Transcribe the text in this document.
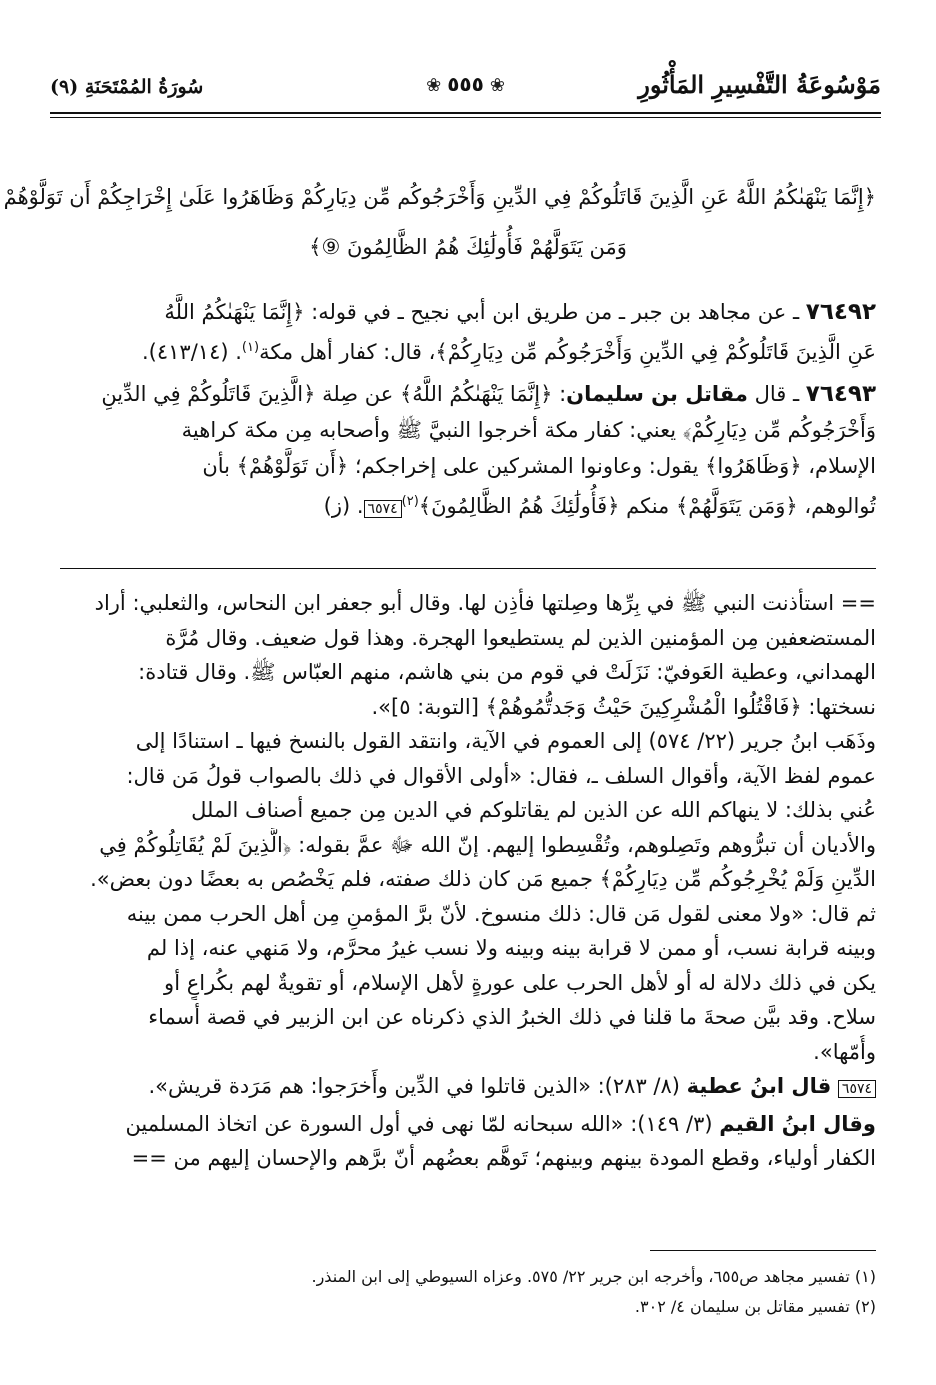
مَوْسُوعَةُ التَّفْسِيرِ المَأْثُورِ
❀٥٥٥❀
سُورَةُ المُمْتَحَنَةِ (٩)
﴿إِنَّمَا يَنْهَىٰكُمُ اللَّهُ عَنِ الَّذِينَ قَاتَلُوكُمْ فِي الدِّينِ وَأَخْرَجُوكُم مِّن دِيَارِكُمْ وَظَاهَرُوا عَلَىٰ إِخْرَاجِكُمْ أَن تَوَلَّوْهُمْ
وَمَن يَتَوَلَّهُمْ فَأُولَٰئِكَ هُمُ الظَّالِمُونَ ⑨﴾
٧٦٤٩٢ ـ عن مجاهد بن جبر ـ من طريق ابن أبي نجيح ـ في قوله: ﴿إِنَّمَا يَنْهَىٰكُمُ اللَّهُ
عَنِ الَّذِينَ قَاتَلُوكُمْ فِي الدِّينِ وَأَخْرَجُوكُم مِّن دِيَارِكُمْ﴾، قال: كفار أهل مكة$^{(١)}$. (٤١٣/١٤).
٧٦٤٩٣ ـ قال مقاتل بن سليمان: ﴿إِنَّمَا يَنْهَىٰكُمُ اللَّهُ﴾ عن صِلة ﴿الَّذِينَ قَاتَلُوكُمْ فِي الدِّينِ
وَأَخْرَجُوكُم مِّن دِيَارِكُمْ﴾ يعني: كفار مكة أخرجوا النبيَّ ﷺ وأصحابه مِن مكة كراهية
الإسلام، ﴿وَظَاهَرُوا﴾ يقول: وعاونوا المشركين على إخراجكم؛ ﴿أَن تَوَلَّوْهُمْ﴾ بأن
تُوالوهم، ﴿وَمَن يَتَوَلَّهُمْ﴾ منكم ﴿فَأُولَٰئِكَ هُمُ الظَّالِمُونَ﴾$^{(٢)}$٦٥٧٤. (ز)
== استأذنت النبي ﷺ في بِرِّها وصِلتها فأذِن لها. وقال أبو جعفر ابن النحاس، والثعلبي: أراد
المستضعفين مِن المؤمنين الذين لم يستطيعوا الهجرة. وهذا قول ضعيف. وقال مُرَّة
الهمداني، وعطية العَوفيّ: نَزَلَتْ في قوم من بني هاشم، منهم العبّاس ﷺ. وقال قتادة:
نسختها: ﴿فَاقْتُلُوا الْمُشْرِكِينَ حَيْثُ وَجَدتُّمُوهُمْ﴾ [التوبة: ٥]».
وذَهَب ابنُ جرير (٢٢/ ٥٧٤) إلى العموم في الآية، وانتقد القول بالنسخ فيها ـ استنادًا إلى
عموم لفظ الآية، وأقوال السلف ـ، فقال: «أولى الأقوال في ذلك بالصواب قولُ مَن قال:
عُني بذلك: لا ينهاكم الله عن الذين لم يقاتلوكم في الدين مِن جميع أصناف الملل
والأديان أن تبرُّوهم وتَصِلوهم، وتُقْسِطوا إليهم. إنّ الله ﷻ عمَّ بقوله: ﴿الَّذِينَ لَمْ يُقَاتِلُوكُمْ فِي
الدِّينِ وَلَمْ يُخْرِجُوكُم مِّن دِيَارِكُمْ﴾ جميع مَن كان ذلك صفته، فلم يَخْصُص به بعضًا دون بعض».
ثم قال: «ولا معنى لقول مَن قال: ذلك منسوخ. لأنّ برَّ المؤمنِ مِن أهل الحرب ممن بينه
وبينه قرابة نسب، أو ممن لا قرابة بينه وبينه ولا نسب غيرُ محرَّم، ولا مَنهي عنه، إذا لم
يكن في ذلك دلالة له أو لأهل الحرب على عورةٍ لأهل الإسلام، أو تقويةٌ لهم بكُراعٍ أو
سلاح. وقد بيَّن صحةَ ما قلنا في ذلك الخبرُ الذي ذكرناه عن ابن الزبير في قصة أسماء
وأُمّها».
٦٥٧٤ قال ابنُ عطية (٨/ ٢٨٣): «الذين قاتلوا في الدِّين وأَخرَجوا: هم مَرَدة قريش».
وقال ابنُ القيم (٣/ ١٤٩): «الله سبحانه لمّا نهى في أول السورة عن اتخاذ المسلمين
الكفار أولياء، وقطع المودة بينهم وبينهم؛ تَوهَّم بعضُهم أنّ برَّهم والإحسان إليهم من ==
(١) تفسير مجاهد ص٦٥٥، وأخرجه ابن جرير ٢٢/ ٥٧٥. وعزاه السيوطي إلى ابن المنذر.
(٢) تفسير مقاتل بن سليمان ٤/ ٣٠٢.
